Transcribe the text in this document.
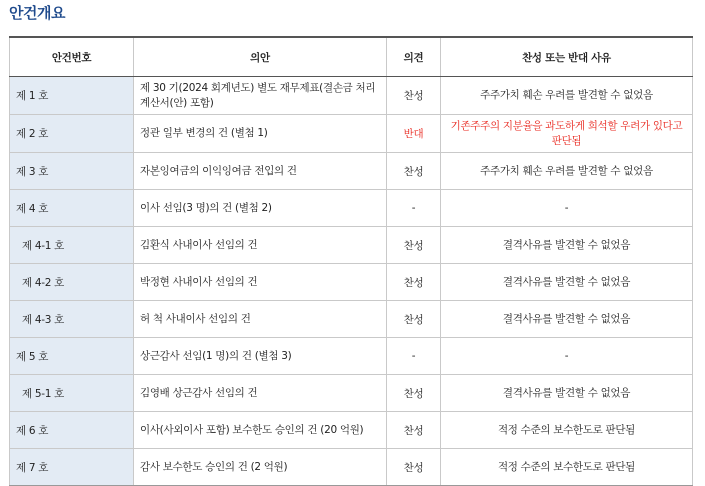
안건개요
안건번호	의안	의견	찬성 또는 반대 사유
제 1 호	제 30 기(2024 회계년도) 별도 재무제표(결손금 처리 계산서(안) 포함)	찬성	주주가치 훼손 우려를 발견할 수 없었음
제 2 호	정관 일부 변경의 건 (별첨 1)	반대	기존주주의 지분율을 과도하게 희석할 우려가 있다고 판단됨
제 3 호	자본잉여금의 이익잉여금 전입의 건	찬성	주주가치 훼손 우려를 발견할 수 없었음
제 4 호	이사 선임(3 명)의 건 (별첨 2)	-	-
제 4-1 호	김환식 사내이사 선임의 건	찬성	결격사유를 발견할 수 없었음
제 4-2 호	박정현 사내이사 선임의 건	찬성	결격사유를 발견할 수 없었음
제 4-3 호	허 척 사내이사 선임의 건	찬성	결격사유를 발견할 수 없었음
제 5 호	상근감사 선임(1 명)의 건 (별첨 3)	-	-
제 5-1 호	김영배 상근감사 선임의 건	찬성	결격사유를 발견할 수 없었음
제 6 호	이사(사외이사 포함) 보수한도 승인의 건 (20 억원)	찬성	적정 수준의 보수한도로 판단됨
제 7 호	감사 보수한도 승인의 건 (2 억원)	찬성	적정 수준의 보수한도로 판단됨
